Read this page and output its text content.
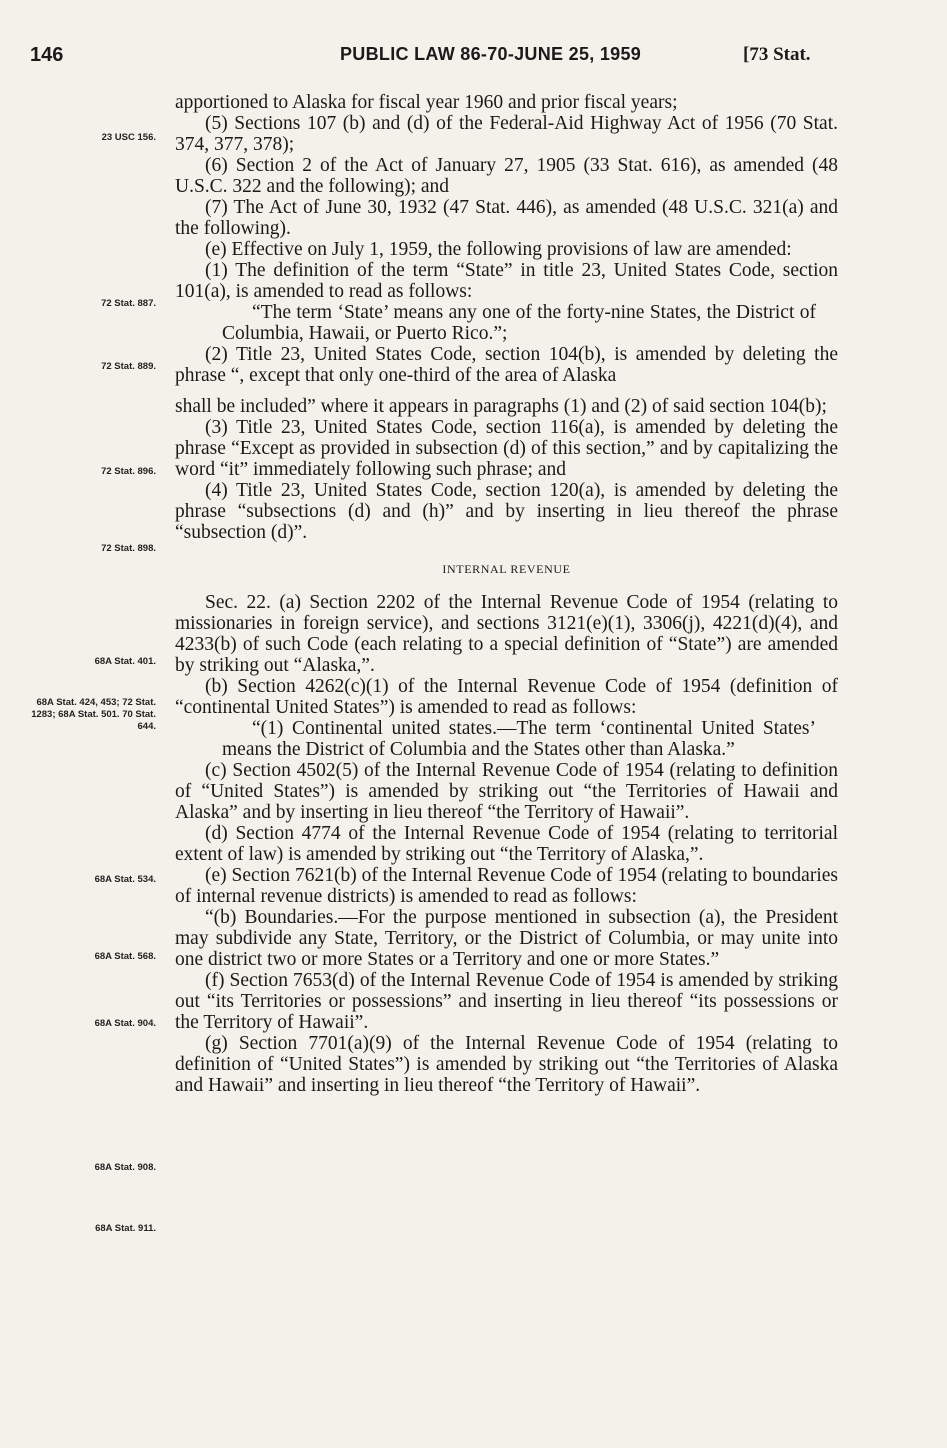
146	PUBLIC LAW 86-70-JUNE 25, 1959	[73 Stat.
23 USC 156.
72 Stat. 887.
72 Stat. 889.
72 Stat. 896.
72 Stat. 898.
68A Stat. 401.
68A Stat. 424, 453; 72 Stat. 1283; 68A Stat. 501. 70 Stat. 644.
68A Stat. 534.
68A Stat. 568.
68A Stat. 904.
68A Stat. 908.
68A Stat. 911.

apportioned to Alaska for fiscal year 1960 and prior fiscal years;

(5) Sections 107 (b) and (d) of the Federal-Aid Highway Act of 1956 (70 Stat. 374, 377, 378);

(6) Section 2 of the Act of January 27, 1905 (33 Stat. 616), as amended (48 U.S.C. 322 and the following); and

(7) The Act of June 30, 1932 (47 Stat. 446), as amended (48 U.S.C. 321(a) and the following).

(e) Effective on July 1, 1959, the following provisions of law are amended:

(1) The definition of the term “State” in title 23, United States Code, section 101(a), is amended to read as follows:

“The term ‘State’ means any one of the forty-nine States, the District of Columbia, Hawaii, or Puerto Rico.”;

(2) Title 23, United States Code, section 104(b), is amended by deleting the phrase “, except that only one-third of the area of Alaska

shall be included” where it appears in paragraphs (1) and (2) of said section 104(b);

(3) Title 23, United States Code, section 116(a), is amended by deleting the phrase “Except as provided in subsection (d) of this section,” and by capitalizing the word “it” immediately following such phrase; and

(4) Title 23, United States Code, section 120(a), is amended by deleting the phrase “subsections (d) and (h)” and by inserting in lieu thereof the phrase “subsection (d)”.

INTERNAL REVENUE

Sec. 22. (a) Section 2202 of the Internal Revenue Code of 1954 (relating to missionaries in foreign service), and sections 3121(e)(1), 3306(j), 4221(d)(4), and 4233(b) of such Code (each relating to a special definition of “State”) are amended by striking out “Alaska,”.

(b) Section 4262(c)(1) of the Internal Revenue Code of 1954 (definition of “continental United States”) is amended to read as follows:

“(1) Continental united states.—The term ‘continental United States’ means the District of Columbia and the States other than Alaska.”

(c) Section 4502(5) of the Internal Revenue Code of 1954 (relating to definition of “United States”) is amended by striking out “the Territories of Hawaii and Alaska” and by inserting in lieu thereof “the Territory of Hawaii”.

(d) Section 4774 of the Internal Revenue Code of 1954 (relating to territorial extent of law) is amended by striking out “the Territory of Alaska,”.

(e) Section 7621(b) of the Internal Revenue Code of 1954 (relating to boundaries of internal revenue districts) is amended to read as follows:

“(b) Boundaries.—For the purpose mentioned in subsection (a), the President may subdivide any State, Territory, or the District of Columbia, or may unite into one district two or more States or a Territory and one or more States.”

(f) Section 7653(d) of the Internal Revenue Code of 1954 is amended by striking out “its Territories or possessions” and inserting in lieu thereof “its possessions or the Territory of Hawaii”.

(g) Section 7701(a)(9) of the Internal Revenue Code of 1954 (relating to definition of “United States”) is amended by striking out “the Territories of Alaska and Hawaii” and inserting in lieu thereof “the Territory of Hawaii”.
